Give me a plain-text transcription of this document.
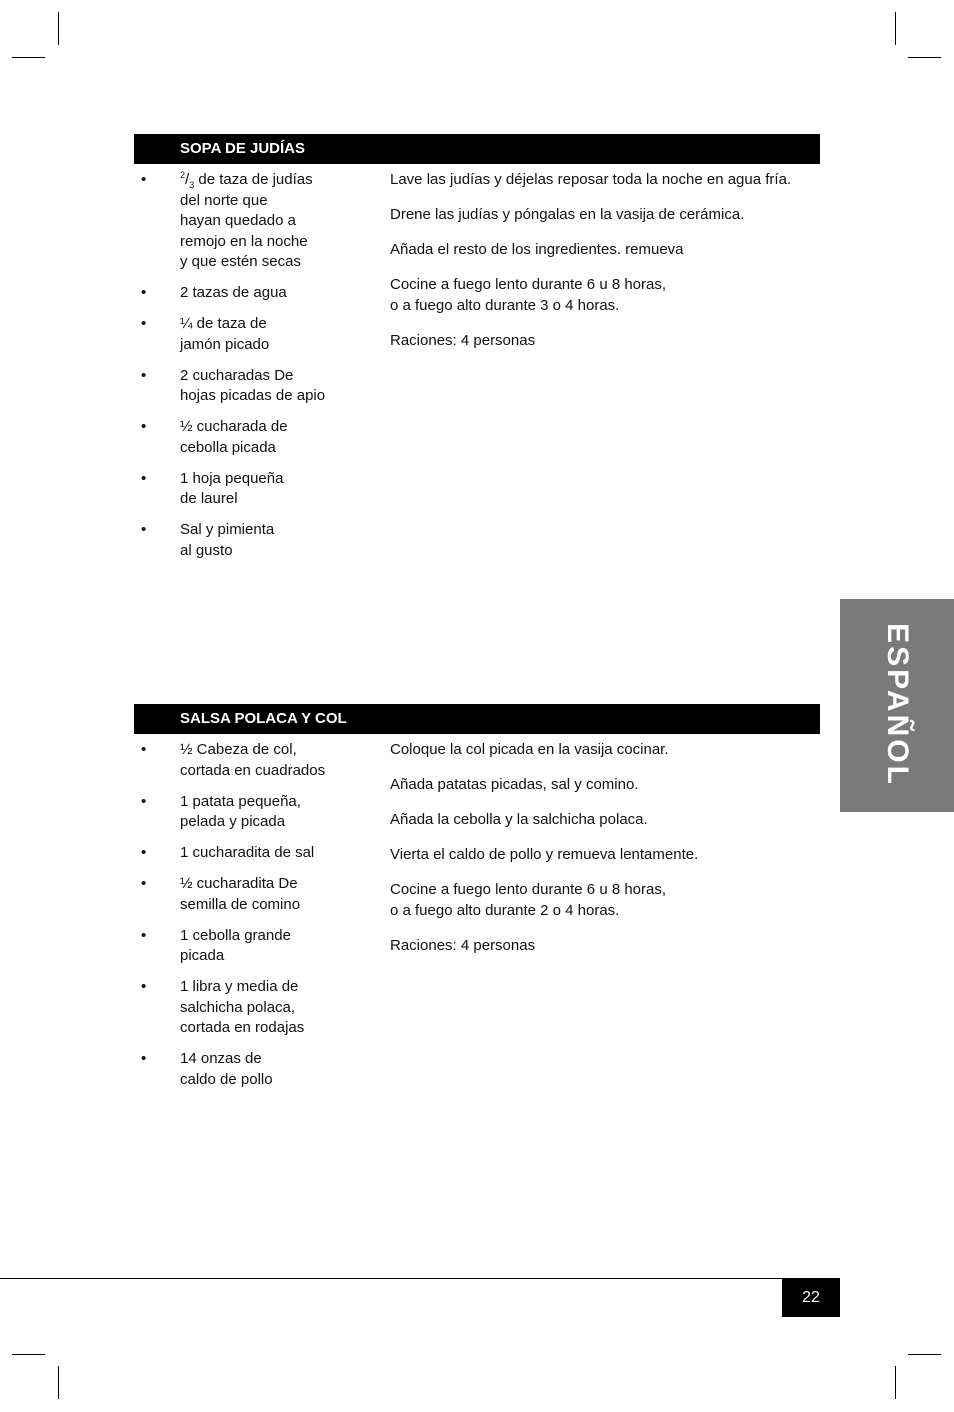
SOPA DE JUDÍAS
•	$^2/_3$ de taza de judías
del norte que
hayan quedado a
remojo en la noche
y que estén secas
• 2 tazas de agua
• ¼ de taza de
jamón picado
• 2 cucharadas De
hojas picadas de apio
• ½ cucharada de
cebolla picada
• 1 hoja pequeña
de laurel
• Sal y pimienta
al gusto
Lave las judías y déjelas reposar toda la noche en agua fría.
Drene las judías y póngalas en la vasija de cerámica.
Añada el resto de los ingredientes. remueva
Cocine a fuego lento durante 6 u 8 horas,
o a fuego alto durante 3 o 4 horas.
Raciones: 4 personas
SALSA POLACA Y COL
• ½ Cabeza de col,
cortada en cuadrados
• 1 patata pequeña,
pelada y picada
• 1 cucharadita de sal
• ½ cucharadita De
semilla de comino
• 1 cebolla grande
picada
• 1 libra y media de
salchicha polaca,
cortada en rodajas
• 14 onzas de
caldo de pollo
Coloque la col picada en la vasija cocinar.
Añada patatas picadas, sal y comino.
Añada la cebolla y la salchicha polaca.
Vierta el caldo de pollo y remueva lentamente.
Cocine a fuego lento durante 6 u 8 horas,
o a fuego alto durante 2 o 4 horas.
Raciones: 4 personas
ESPAÑOL
22
